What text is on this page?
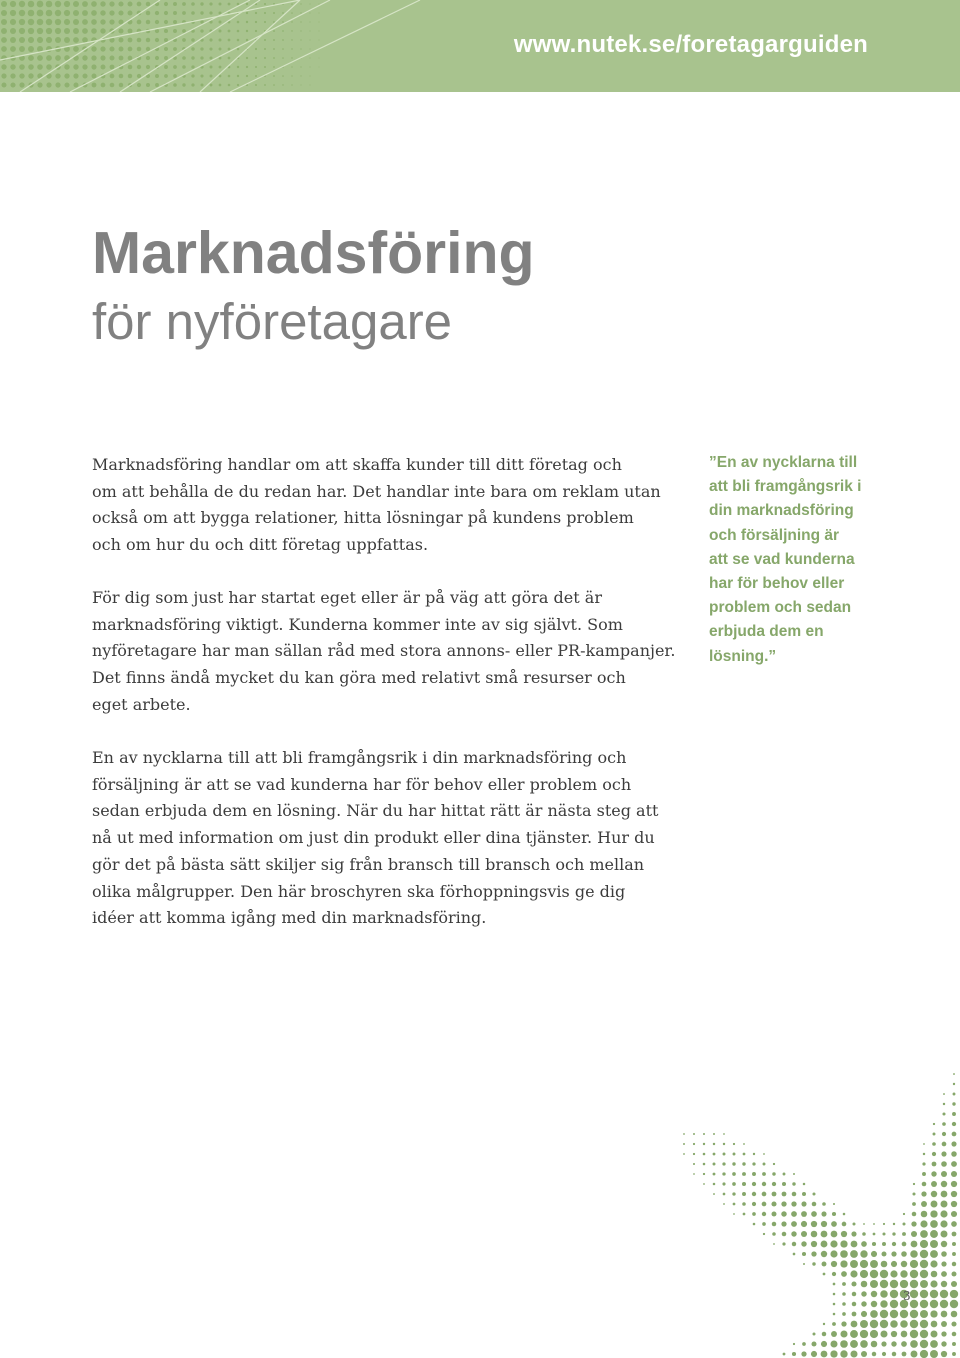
www.nutek.se/foretagarguiden
Marknadsföring
för nyföretagare
Marknadsföring handlar om att skaffa kunder till ditt företag och
om att behålla de du redan har. Det handlar inte bara om reklam utan
också om att bygga relationer, hitta lösningar på kundens problem
och om hur du och ditt företag uppfattas.
För dig som just har startat eget eller är på väg att göra det är
marknadsföring viktigt. Kunderna kommer inte av sig självt. Som
nyföretagare har man sällan råd med stora annons- eller PR-kampanjer.
Det finns ändå mycket du kan göra med relativt små resurser och
eget arbete.
En av nycklarna till att bli framgångsrik i din marknadsföring och
försäljning är att se vad kunderna har för behov eller problem och
sedan erbjuda dem en lösning. När du har hittat rätt är nästa steg att
nå ut med information om just din produkt eller dina tjänster. Hur du
gör det på bästa sätt skiljer sig från bransch till bransch och mellan
olika målgrupper. Den här broschyren ska förhoppningsvis ge dig
idéer att komma igång med din marknadsföring.
”En av nycklarna till
att bli framgångsrik i
din marknadsföring
och försäljning är
att se vad kunderna
har för behov eller
problem och sedan
erbjuda dem en
lösning.”
3
